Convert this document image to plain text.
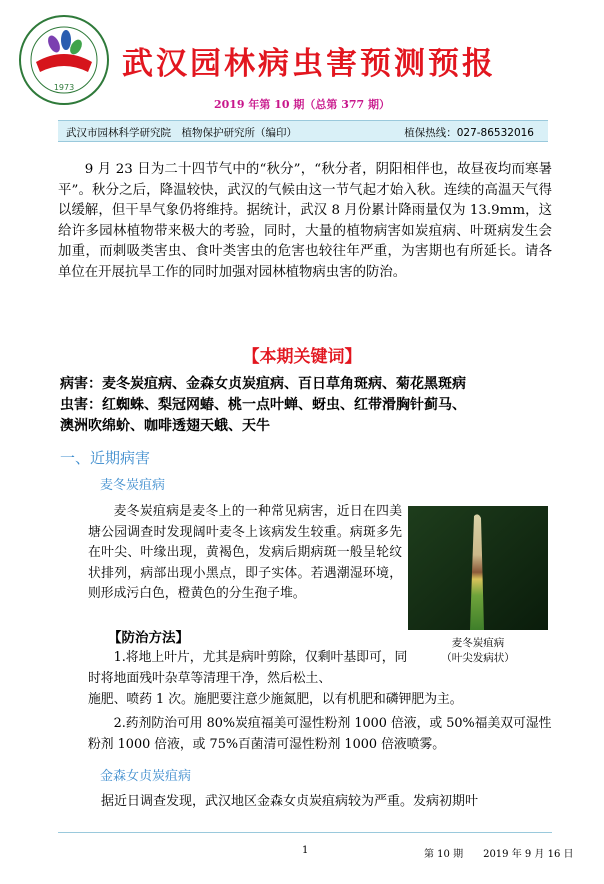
1973
武汉园林病虫害预测预报
2019 年第 10 期（总第 377 期）
武汉市园林科学研究院　植物保护研究所（编印）	植保热线：027-86532016
9 月 23 日为二十四节气中的“秋分”，“秋分者，阴阳相伴也，故昼夜均而寒暑平”。秋分之后，降温较快，武汉的气候由这一节气起才始入秋。连续的高温天气得以缓解，但干旱气象仍将维持。据统计，武汉 8 月份累计降雨量仅为 13.9mm，这给许多园林植物带来极大的考验，同时，大量的植物病害如炭疽病、叶斑病发生会加重，而刺吸类害虫、食叶类害虫的危害也较往年严重，为害期也有所延长。请各单位在开展抗旱工作的同时加强对园林植物病虫害的防治。
【本期关键词】
病害：麦冬炭疽病、金森女贞炭疽病、百日草角斑病、菊花黑斑病
虫害：红蜘蛛、梨冠网蝽、桃一点叶蝉、蚜虫、红带滑胸针蓟马、
澳洲吹绵蚧、咖啡透翅天蛾、天牛
一、近期病害
麦冬炭疽病
麦冬炭疽病是麦冬上的一种常见病害，近日在四美塘公园调查时发现阔叶麦冬上该病发生较重。病斑多先在叶尖、叶缘出现，黄褐色，发病后期病斑一般呈轮纹状排列，病部出现小黑点，即子实体。若遇潮湿环境，则形成污白色，橙黄色的分生孢子堆。
麦冬炭疽病
（叶尖发病状）
【防治方法】
1.将地上叶片，尤其是病叶剪除，仅剩叶基即可，同时将地面残叶杂草等清理干净，然后松土、
施肥、喷药 1 次。施肥要注意少施氮肥，以有机肥和磷钾肥为主。
2.药剂防治可用 80%炭疽福美可湿性粉剂 1000 倍液，或 50%福美双可湿性粉剂 1000 倍液，或 75%百菌清可湿性粉剂 1000 倍液喷雾。
金森女贞炭疽病
据近日调查发现，武汉地区金森女贞炭疽病较为严重。发病初期叶
1	第 10 期　　2019 年 9 月 16 日
